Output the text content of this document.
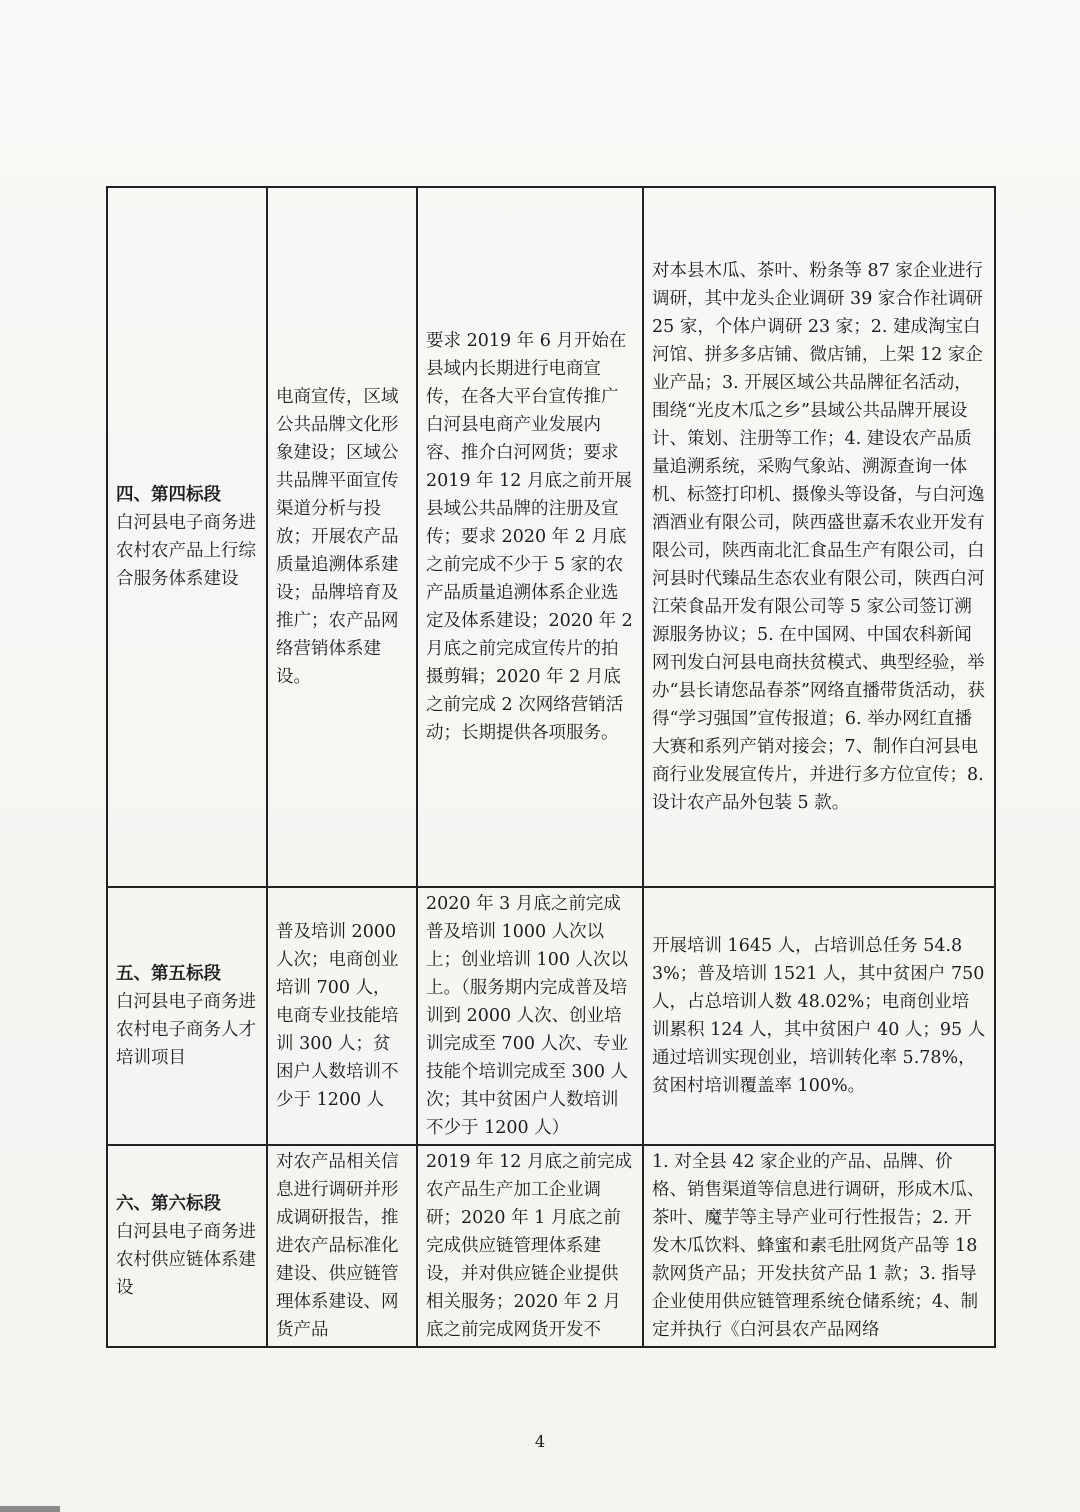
四、第四标段
白河县电子商务进农村农产品上行综合服务体系建设	电商宣传，区域公共品牌文化形象建设；区域公共品牌平面宣传渠道分析与投放；开展农产品质量追溯体系建设；品牌培育及推广；农产品网络营销体系建设。	要求 2019 年 6 月开始在县域内长期进行电商宣传，在各大平台宣传推广白河县电商产业发展内容、推介白河网货；要求 2019 年 12 月底之前开展县域公共品牌的注册及宣传；要求 2020 年 2 月底之前完成不少于 5 家的农产品质量追溯体系企业选定及体系建设；2020 年 2 月底之前完成宣传片的拍摄剪辑；2020 年 2 月底之前完成 2 次网络营销活动；长期提供各项服务。	对本县木瓜、茶叶、粉条等 87 家企业进行调研，其中龙头企业调研 39 家合作社调研 25 家，个体户调研 23 家；2. 建成淘宝白河馆、拼多多店铺、微店铺，上架 12 家企业产品；3. 开展区域公共品牌征名活动，围绕“光皮木瓜之乡”县域公共品牌开展设计、策划、注册等工作；4. 建设农产品质量追溯系统，采购气象站、溯源查询一体机、标签打印机、摄像头等设备，与白河逸酒酒业有限公司，陕西盛世嘉禾农业开发有限公司，陕西南北汇食品生产有限公司，白河县时代臻品生态农业有限公司，陕西白河江荣食品开发有限公司等 5 家公司签订溯源服务协议；5. 在中国网、中国农科新闻网刊发白河县电商扶贫模式、典型经验，举办“县长请您品春茶”网络直播带货活动，获得“学习强国”宣传报道；6. 举办网红直播大赛和系列产销对接会；7、制作白河县电商行业发展宣传片，并进行多方位宣传；8. 设计农产品外包装 5 款。

五、第五标段
白河县电子商务进农村电子商务人才培训项目	普及培训 2000 人次；电商创业培训 700 人，电商专业技能培训 300 人；贫困户人数培训不少于 1200 人	2020 年 3 月底之前完成普及培训 1000 人次以上；创业培训 100 人次以上。（服务期内完成普及培训到 2000 人次、创业培训完成至 700 人次、专业技能个培训完成至 300 人次；其中贫困户人数培训不少于 1200 人）	开展培训 1645 人，占培训总任务 54.83%；普及培训 1521 人，其中贫困户 750 人，占总培训人数 48.02%；电商创业培训累积 124 人，其中贫困户 40 人；95 人通过培训实现创业，培训转化率 5.78%，贫困村培训覆盖率 100%。

六、第六标段
白河县电子商务进农村供应链体系建设	对农产品相关信息进行调研并形成调研报告，推进农产品标准化建设、供应链管理体系建设、网货产品	2019 年 12 月底之前完成农产品生产加工企业调研；2020 年 1 月底之前完成供应链管理体系建设，并对供应链企业提供相关服务；2020 年 2 月底之前完成网货开发不	1. 对全县 42 家企业的产品、品牌、价格、销售渠道等信息进行调研，形成木瓜、茶叶、魔芋等主导产业可行性报告；2. 开发木瓜饮料、蜂蜜和素毛肚网货产品等 18 款网货产品；开发扶贫产品 1 款；3. 指导企业使用供应链管理系统仓储系统；4、制定并执行《白河县农产品网络
4
